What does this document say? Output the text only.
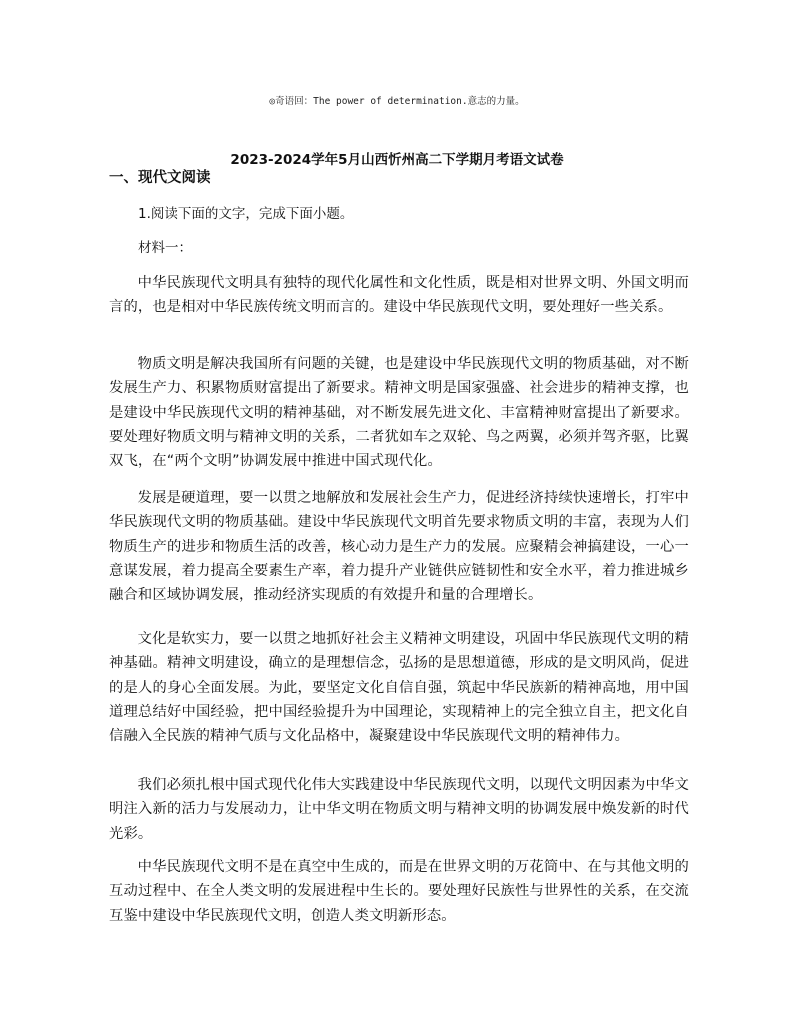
◎奇语回：The power of determination.意志的力量。
2023-2024学年5月山西忻州高二下学期月考语文试卷
一、现代文阅读
1.阅读下面的文字，完成下面小题。
材料一：

中华民族现代文明具有独特的现代化属性和文化性质，既是相对世界文明、外国文明而言的，也是相对中华民族传统文明而言的。建设中华民族现代文明，要处理好一些关系。

物质文明是解决我国所有问题的关键，也是建设中华民族现代文明的物质基础，对不断发展生产力、积累物质财富提出了新要求。精神文明是国家强盛、社会进步的精神支撑，也是建设中华民族现代文明的精神基础，对不断发展先进文化、丰富精神财富提出了新要求。要处理好物质文明与精神文明的关系，二者犹如车之双轮、鸟之两翼，必须并驾齐驱，比翼双飞，在“两个文明”协调发展中推进中国式现代化。

发展是硬道理，要一以贯之地解放和发展社会生产力，促进经济持续快速增长，打牢中华民族现代文明的物质基础。建设中华民族现代文明首先要求物质文明的丰富，表现为人们物质生产的进步和物质生活的改善，核心动力是生产力的发展。应聚精会神搞建设，一心一意谋发展，着力提高全要素生产率，着力提升产业链供应链韧性和安全水平，着力推进城乡融合和区域协调发展，推动经济实现质的有效提升和量的合理增长。

文化是软实力，要一以贯之地抓好社会主义精神文明建设，巩固中华民族现代文明的精神基础。精神文明建设，确立的是理想信念，弘扬的是思想道德，形成的是文明风尚，促进的是人的身心全面发展。为此，要坚定文化自信自强，筑起中华民族新的精神高地，用中国道理总结好中国经验，把中国经验提升为中国理论，实现精神上的完全独立自主，把文化自信融入全民族的精神气质与文化品格中，凝聚建设中华民族现代文明的精神伟力。

我们必须扎根中国式现代化伟大实践建设中华民族现代文明，以现代文明因素为中华文明注入新的活力与发展动力，让中华文明在物质文明与精神文明的协调发展中焕发新的时代光彩。

中华民族现代文明不是在真空中生成的，而是在世界文明的万花筒中、在与其他文明的互动过程中、在全人类文明的发展进程中生长的。要处理好民族性与世界性的关系，在交流互鉴中建设中华民族现代文明，创造人类文明新形态。
